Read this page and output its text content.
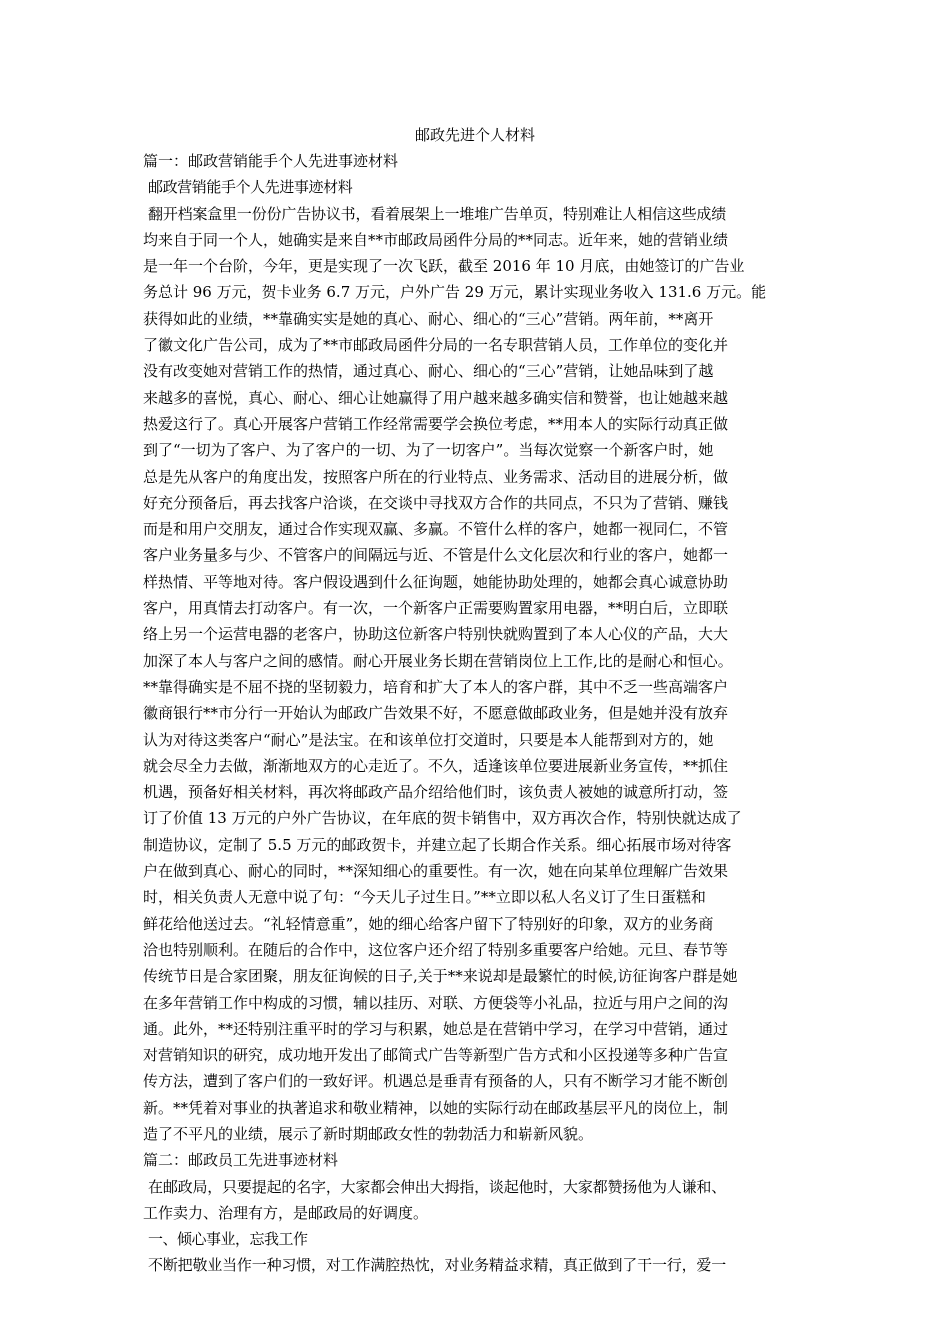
邮政先进个人材料
篇一：邮政营销能手个人先进事迹材料
邮政营销能手个人先进事迹材料
翻开档案盒里一份份广告协议书，看着展架上一堆堆广告单页，特别难让人相信这些成绩
均来自于同一个人，她确实是来自**市邮政局函件分局的**同志。近年来，她的营销业绩
是一年一个台阶，今年，更是实现了一次飞跃，截至 2016 年 10 月底，由她签订的广告业
务总计 96 万元，贺卡业务 6.7 万元，户外广告 29 万元，累计实现业务收入 131.6 万元。能
获得如此的业绩，**靠确实实是她的真心、耐心、细心的“三心”营销。两年前，**离开
了徽文化广告公司，成为了**市邮政局函件分局的一名专职营销人员，工作单位的变化并
没有改变她对营销工作的热情，通过真心、耐心、细心的“三心”营销，让她品味到了越
来越多的喜悦，真心、耐心、细心让她赢得了用户越来越多确实信和赞誉，也让她越来越
热爱这行了。真心开展客户营销工作经常需要学会换位考虑，**用本人的实际行动真正做
到了“一切为了客户、为了客户的一切、为了一切客户”。当每次觉察一个新客户时，她
总是先从客户的角度出发，按照客户所在的行业特点、业务需求、活动目的进展分析，做
好充分预备后，再去找客户洽谈，在交谈中寻找双方合作的共同点，不只为了营销、赚钱
而是和用户交朋友，通过合作实现双赢、多赢。不管什么样的客户，她都一视同仁，不管
客户业务量多与少、不管客户的间隔远与近、不管是什么文化层次和行业的客户，她都一
样热情、平等地对待。客户假设遇到什么征询题，她能协助处理的，她都会真心诚意协助
客户，用真情去打动客户。有一次，一个新客户正需要购置家用电器，**明白后，立即联
络上另一个运营电器的老客户，协助这位新客户特别快就购置到了本人心仪的产品，大大
加深了本人与客户之间的感情。耐心开展业务长期在营销岗位上工作,比的是耐心和恒心。
**靠得确实是不屈不挠的坚韧毅力，培育和扩大了本人的客户群，其中不乏一些高端客户
徽商银行**市分行一开始认为邮政广告效果不好，不愿意做邮政业务，但是她并没有放弃
认为对待这类客户“耐心”是法宝。在和该单位打交道时，只要是本人能帮到对方的，她
就会尽全力去做，渐渐地双方的心走近了。不久，适逢该单位要进展新业务宣传，**抓住
机遇，预备好相关材料，再次将邮政产品介绍给他们时，该负责人被她的诚意所打动，签
订了价值 13 万元的户外广告协议，在年底的贺卡销售中，双方再次合作，特别快就达成了
制造协议，定制了 5.5 万元的邮政贺卡，并建立起了长期合作关系。细心拓展市场对待客
户在做到真心、耐心的同时，**深知细心的重要性。有一次，她在向某单位理解广告效果
时，相关负责人无意中说了句：“今天儿子过生日。”**立即以私人名义订了生日蛋糕和
鲜花给他送过去。“礼轻情意重”，她的细心给客户留下了特别好的印象，双方的业务商
洽也特别顺利。在随后的合作中，这位客户还介绍了特别多重要客户给她。元旦、春节等
传统节日是合家团聚，朋友征询候的日子,关于**来说却是最繁忙的时候,访征询客户群是她
在多年营销工作中构成的习惯，辅以挂历、对联、方便袋等小礼品，拉近与用户之间的沟
通。此外，**还特别注重平时的学习与积累，她总是在营销中学习，在学习中营销，通过
对营销知识的研究，成功地开发出了邮简式广告等新型广告方式和小区投递等多种广告宣
传方法，遭到了客户们的一致好评。机遇总是垂青有预备的人，只有不断学习才能不断创
新。**凭着对事业的执著追求和敬业精神，以她的实际行动在邮政基层平凡的岗位上，制
造了不平凡的业绩，展示了新时期邮政女性的勃勃活力和崭新风貌。
篇二：邮政员工先进事迹材料
在邮政局，只要提起的名字，大家都会伸出大拇指，谈起他时，大家都赞扬他为人谦和、
工作卖力、治理有方，是邮政局的好调度。
一、倾心事业，忘我工作
不断把敬业当作一种习惯，对工作满腔热忱，对业务精益求精，真正做到了干一行，爱一
